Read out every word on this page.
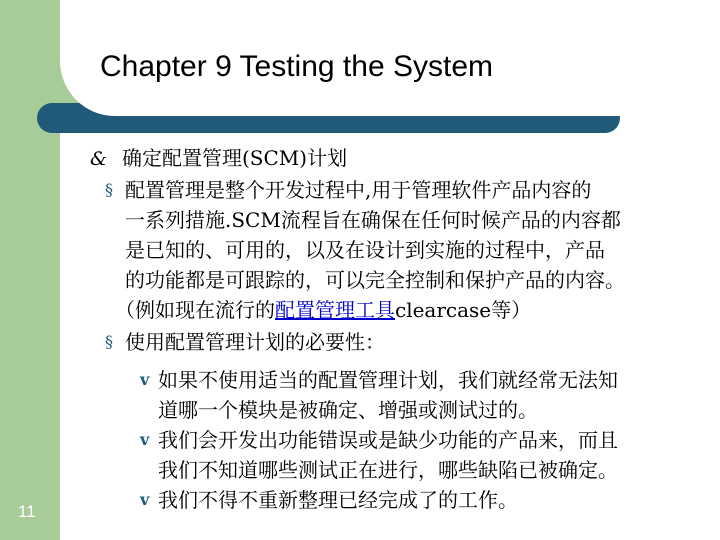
Chapter 9 Testing the System
11
& 确定配置管理(SCM)计划
§ 配置管理是整个开发过程中,用于管理软件产品内容的
一系列措施.SCM流程旨在确保在任何时候产品的内容都
是已知的、可用的，以及在设计到实施的过程中，产品
的功能都是可跟踪的，可以完全控制和保护产品的内容。
（例如现在流行的配置管理工具clearcase等）
§ 使用配置管理计划的必要性：
v 如果不使用适当的配置管理计划，我们就经常无法知
道哪一个模块是被确定、增强或测试过的。
v 我们会开发出功能错误或是缺少功能的产品来，而且
我们不知道哪些测试正在进行，哪些缺陷已被确定。
v 我们不得不重新整理已经完成了的工作。
